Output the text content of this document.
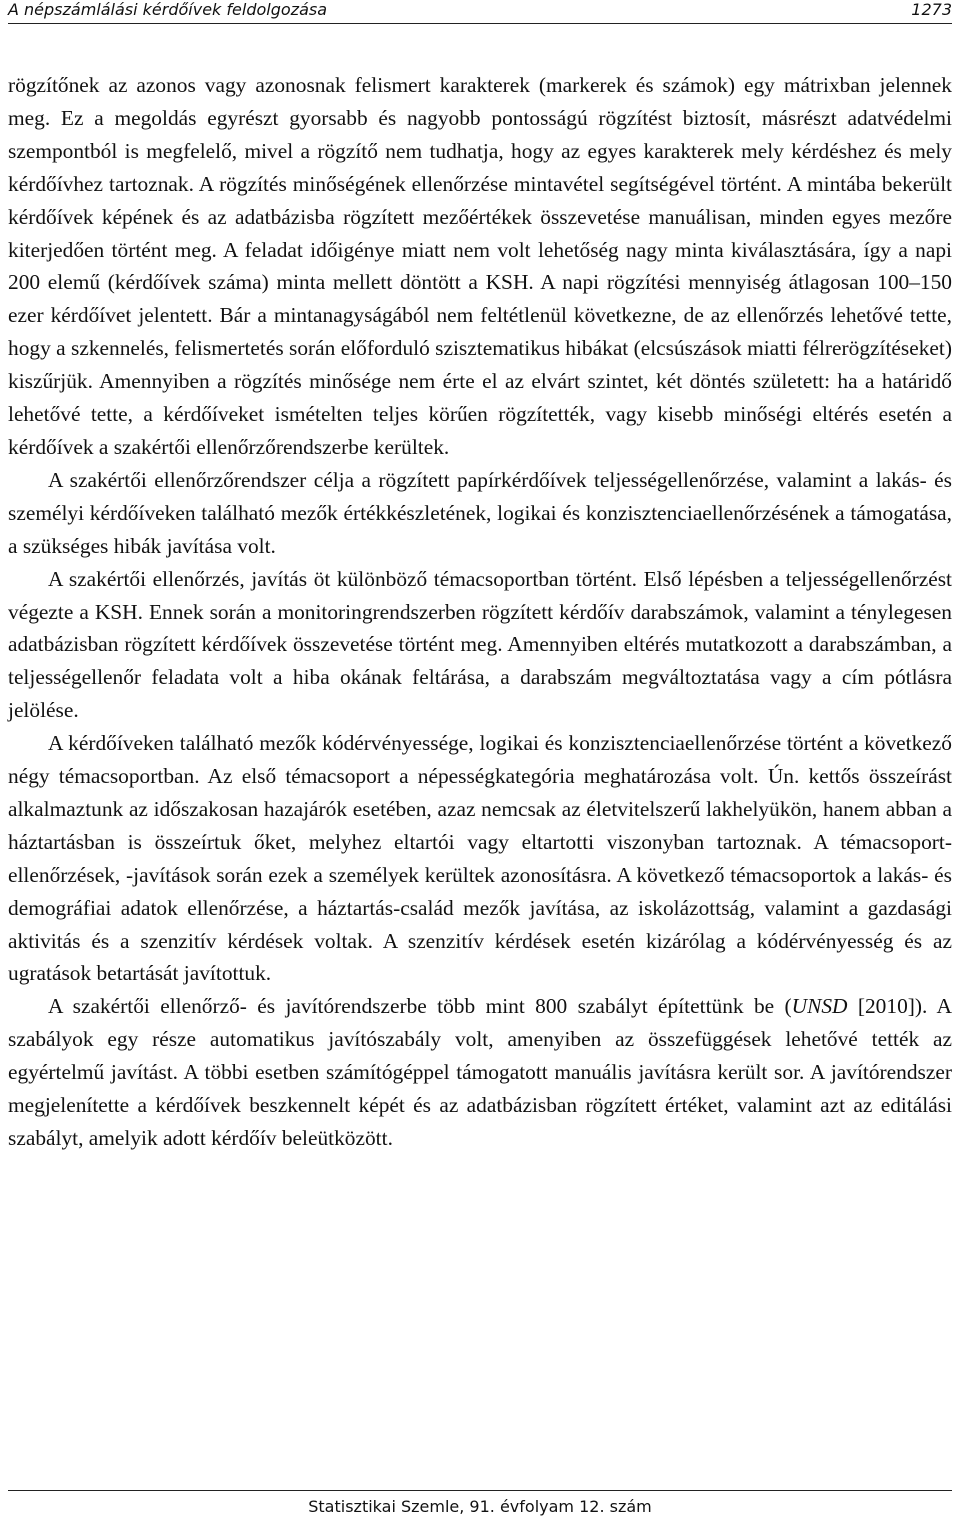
A népszámlálási kérdőívek feldolgozása	1273

rögzítőnek az azonos vagy azonosnak felismert karakterek (markerek és számok) egy mátrixban jelennek meg. Ez a megoldás egyrészt gyorsabb és nagyobb pontosságú rögzítést biztosít, másrészt adatvédelmi szempontból is megfelelő, mivel a rögzítő nem tudhatja, hogy az egyes karakterek mely kérdéshez és mely kérdőívhez tartoznak. A rögzítés minőségének ellenőrzése mintavétel segítségével történt. A mintába bekerült kérdőívek képének és az adatbázisba rögzített mezőértékek összevetése manuálisan, minden egyes mezőre kiterjedően történt meg. A feladat időigénye miatt nem volt lehetőség nagy minta kiválasztására, így a napi 200 elemű (kérdőívek száma) minta mellett döntött a KSH. A napi rögzítési mennyiség átlagosan 100–150 ezer kérdőívet jelentett. Bár a mintanagyságából nem feltétlenül következne, de az ellenőrzés lehetővé tette, hogy a szkennelés, felismertetés során előforduló szisztematikus hibákat (elcsúszások miatti félrerögzítéseket) kiszűrjük. Amennyiben a rögzítés minősége nem érte el az elvárt szintet, két döntés született: ha a határidő lehetővé tette, a kérdőíveket ismételten teljes körűen rögzítették, vagy kisebb minőségi eltérés esetén a kérdőívek a szakértői ellenőrzőrendszerbe kerültek.

A szakértői ellenőrzőrendszer célja a rögzített papírkérdőívek teljességellenőrzése, valamint a lakás- és személyi kérdőíveken található mezők értékkészletének, logikai és konzisztenciaellenőrzésének a támogatása, a szükséges hibák javítása volt.

A szakértői ellenőrzés, javítás öt különböző témacsoportban történt. Első lépésben a teljességellenőrzést végezte a KSH. Ennek során a monitoringrendszerben rögzített kérdőív darabszámok, valamint a ténylegesen adatbázisban rögzített kérdőívek összevetése történt meg. Amennyiben eltérés mutatkozott a darabszámban, a teljességellenőr feladata volt a hiba okának feltárása, a darabszám megváltoztatása vagy a cím pótlásra jelölése.

A kérdőíveken található mezők kódérvényessége, logikai és konzisztenciaellenőrzése történt a következő négy témacsoportban. Az első témacsoport a népességkategória meghatározása volt. Ún. kettős összeírást alkalmaztunk az időszakosan hazajárók esetében, azaz nemcsak az életvitelszerű lakhelyükön, hanem abban a háztartásban is összeírtuk őket, melyhez eltartói vagy eltartotti viszonyban tartoznak. A témacsoport-ellenőrzések, -javítások során ezek a személyek kerültek azonosításra. A következő témacsoportok a lakás- és demográfiai adatok ellenőrzése, a háztartás-család mezők javítása, az iskolázottság, valamint a gazdasági aktivitás és a szenzitív kérdések voltak. A szenzitív kérdések esetén kizárólag a kódérvényesség és az ugratások betartását javítottuk.

A szakértői ellenőrző- és javítórendszerbe több mint 800 szabályt építettünk be (UNSD [2010]). A szabályok egy része automatikus javítószabály volt, amenyiben az összefüggések lehetővé tették az egyértelmű javítást. A többi esetben számítógéppel támogatott manuális javításra került sor. A javítórendszer megjelenítette a kérdőívek beszkennelt képét és az adatbázisban rögzített értéket, valamint azt az editálási szabályt, amelyik adott kérdőív beleütközött.

Statisztikai Szemle, 91. évfolyam 12. szám
